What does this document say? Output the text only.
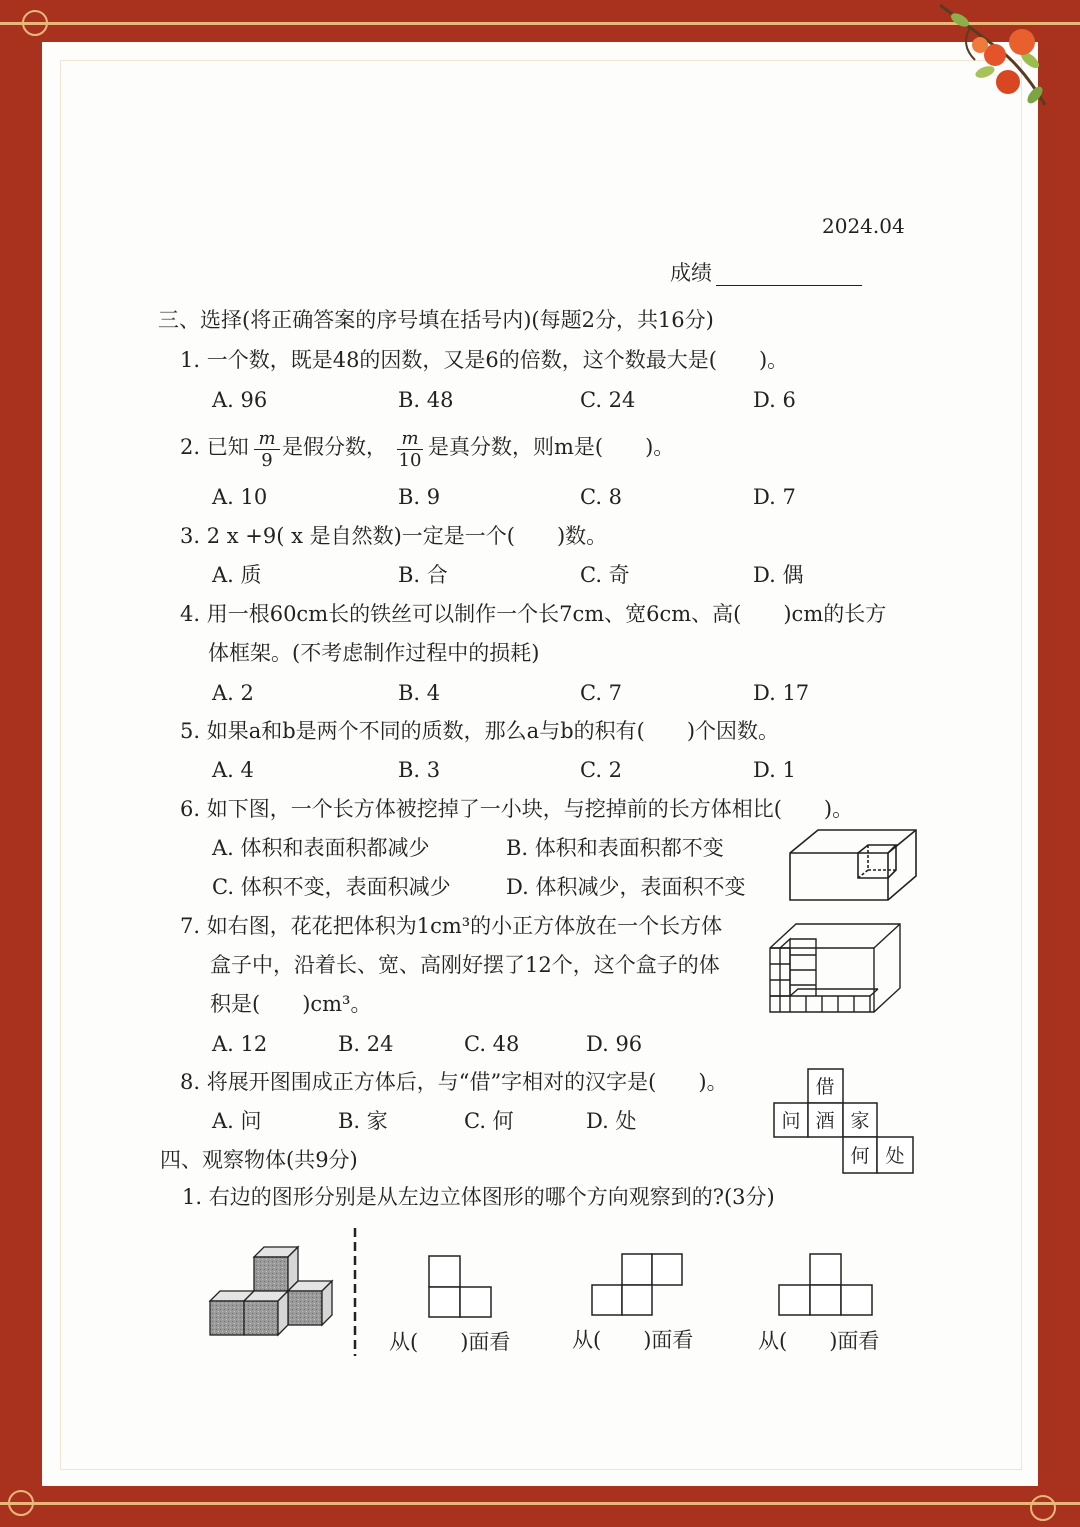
2024.04
成绩
三、选择(将正确答案的序号填在括号内)(每题2分，共16分)
1. 一个数，既是48的因数，又是6的倍数，这个数最大是(　　)。
A. 96	B. 48	C. 24	D. 6
2. 已知 $\frac{m}{9}$ 是假分数， $\frac{m}{10}$ 是真分数，则m是(　　)。
A. 10	B. 9	C. 8	D. 7
3. 2 x +9( x 是自然数)一定是一个(　　)数。
A. 质	B. 合	C. 奇	D. 偶
4. 用一根60cm长的铁丝可以制作一个长7cm、宽6cm、高(　　)cm的长方
体框架。(不考虑制作过程中的损耗)
A. 2	B. 4	C. 7	D. 17
5. 如果a和b是两个不同的质数，那么a与b的积有(　　)个因数。
A. 4	B. 3	C. 2	D. 1
6. 如下图，一个长方体被挖掉了一小块，与挖掉前的长方体相比(　　)。
A. 体积和表面积都减少	B. 体积和表面积都不变
C. 体积不变，表面积减少	D. 体积减少，表面积不变
7. 如右图，花花把体积为1cm³的小正方体放在一个长方体
盒子中，沿着长、宽、高刚好摆了12个，这个盒子的体
积是(　　)cm³。
A. 12	B. 24	C. 48	D. 96
8. 将展开图围成正方体后，与“借”字相对的汉字是(　　)。
A. 问	B. 家	C. 何	D. 处
借
问 酒 家
何 处
四、观察物体(共9分)
1. 右边的图形分别是从左边立体图形的哪个方向观察到的?(3分)
从(　　)面看	从(　　)面看	从(　　)面看
